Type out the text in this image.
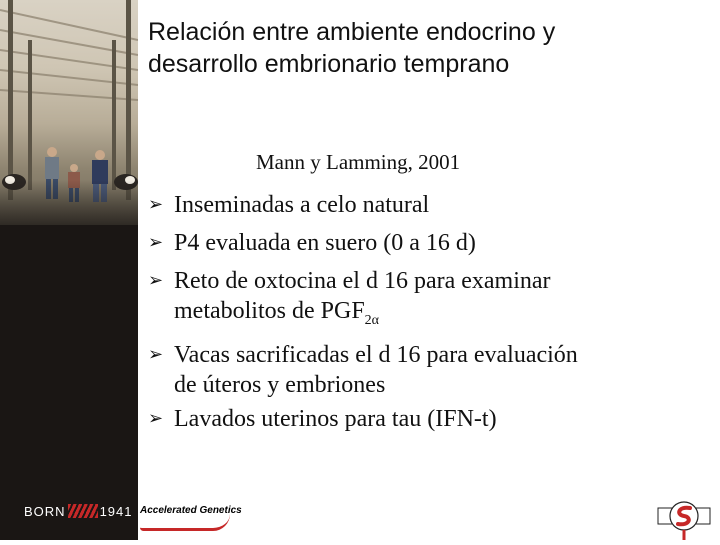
BORN	1941
Relación entre ambiente endocrino y
desarrollo embrionario temprano
Mann y Lamming, 2001
➢ Inseminadas a celo natural
➢ P4 evaluada en suero (0 a 16 d)
➢ Reto de oxtocina el d 16 para examinar
metabolitos de $PGF_{2\alpha}$
➢ Vacas sacrificadas el d 16 para evaluación
de úteros y embriones
➢ Lavados uterinos para tau (IFN-t)
Accelerated Genetics
